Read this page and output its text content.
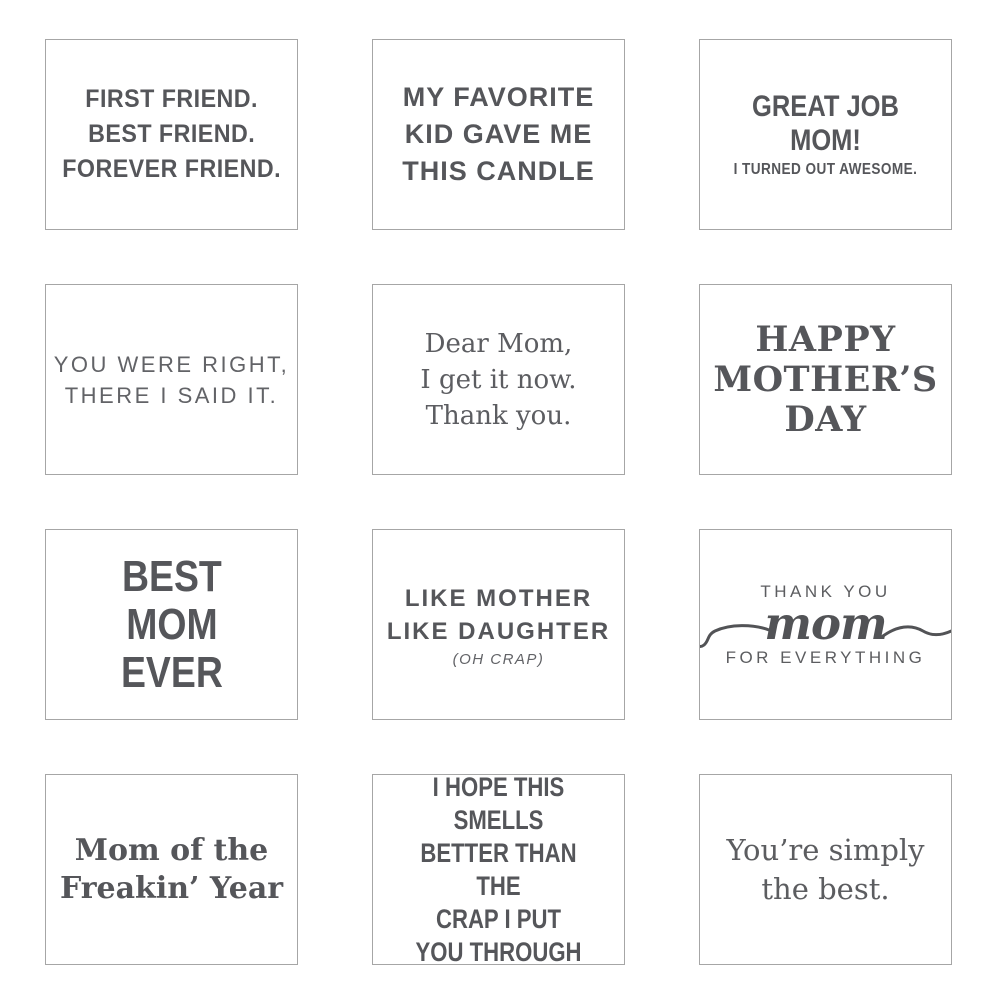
FIRST FRIEND.
BEST FRIEND.
FOREVER FRIEND.
MY FAVORITE
KID GAVE ME
THIS CANDLE
GREAT JOB MOM!
I TURNED OUT AWESOME.
YOU WERE RIGHT,
THERE I SAID IT.
Dear Mom,
I get it now.
Thank you.
HAPPY
MOTHER’S
DAY
BEST
MOM
EVER
LIKE MOTHER
LIKE DAUGHTER
(OH CRAP)
THANK YOU
mom
FOR EVERYTHING
Mom of the
Freakin’ Year
I HOPE THIS SMELLS
BETTER THAN THE
CRAP I PUT
YOU THROUGH
You’re simply
the best.
